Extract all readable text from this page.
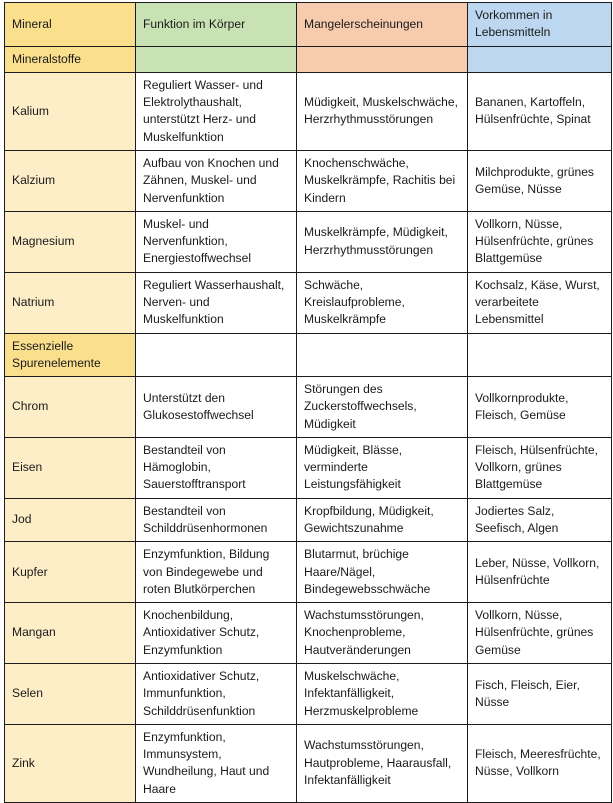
Mineral	Funktion im Körper	Mangelerscheinungen	Vorkommen in Lebensmitteln
Mineralstoffe			
Kalium	Reguliert Wasser- und Elektrolythaushalt, unterstützt Herz- und Muskelfunktion	Müdigkeit, Muskelschwäche, Herzrhythmusstörungen	Bananen, Kartoffeln, Hülsenfrüchte, Spinat
Kalzium	Aufbau von Knochen und Zähnen, Muskel- und Nervenfunktion	Knochenschwäche, Muskelkrämpfe, Rachitis bei Kindern	Milchprodukte, grünes Gemüse, Nüsse
Magnesium	Muskel- und Nervenfunktion, Energiestoffwechsel	Muskelkrämpfe, Müdigkeit, Herzrhythmusstörungen	Vollkorn, Nüsse, Hülsenfrüchte, grünes Blattgemüse
Natrium	Reguliert Wasserhaushalt, Nerven- und Muskelfunktion	Schwäche, Kreislaufprobleme, Muskelkrämpfe	Kochsalz, Käse, Wurst, verarbeitete Lebensmittel
Essenzielle Spurenelemente			
Chrom	Unterstützt den Glukosestoffwechsel	Störungen des Zuckerstoffwechsels, Müdigkeit	Vollkornprodukte, Fleisch, Gemüse
Eisen	Bestandteil von Hämoglobin, Sauerstofftransport	Müdigkeit, Blässe, verminderte Leistungsfähigkeit	Fleisch, Hülsenfrüchte, Vollkorn, grünes Blattgemüse
Jod	Bestandteil von Schilddrüsenhormonen	Kropfbildung, Müdigkeit, Gewichtszunahme	Jodiertes Salz, Seefisch, Algen
Kupfer	Enzymfunktion, Bildung von Bindegewebe und roten Blutkörperchen	Blutarmut, brüchige Haare/Nägel, Bindegewebsschwäche	Leber, Nüsse, Vollkorn, Hülsenfrüchte
Mangan	Knochenbildung, Antioxidativer Schutz, Enzymfunktion	Wachstumsstörungen, Knochenprobleme, Hautveränderungen	Vollkorn, Nüsse, Hülsenfrüchte, grünes Gemüse
Selen	Antioxidativer Schutz, Immunfunktion, Schilddrüsenfunktion	Muskelschwäche, Infektanfälligkeit, Herzmuskelprobleme	Fisch, Fleisch, Eier, Nüsse
Zink	Enzymfunktion, Immunsystem, Wundheilung, Haut und Haare	Wachstumsstörungen, Hautprobleme, Haarausfall, Infektanfälligkeit	Fleisch, Meeresfrüchte, Nüsse, Vollkorn
